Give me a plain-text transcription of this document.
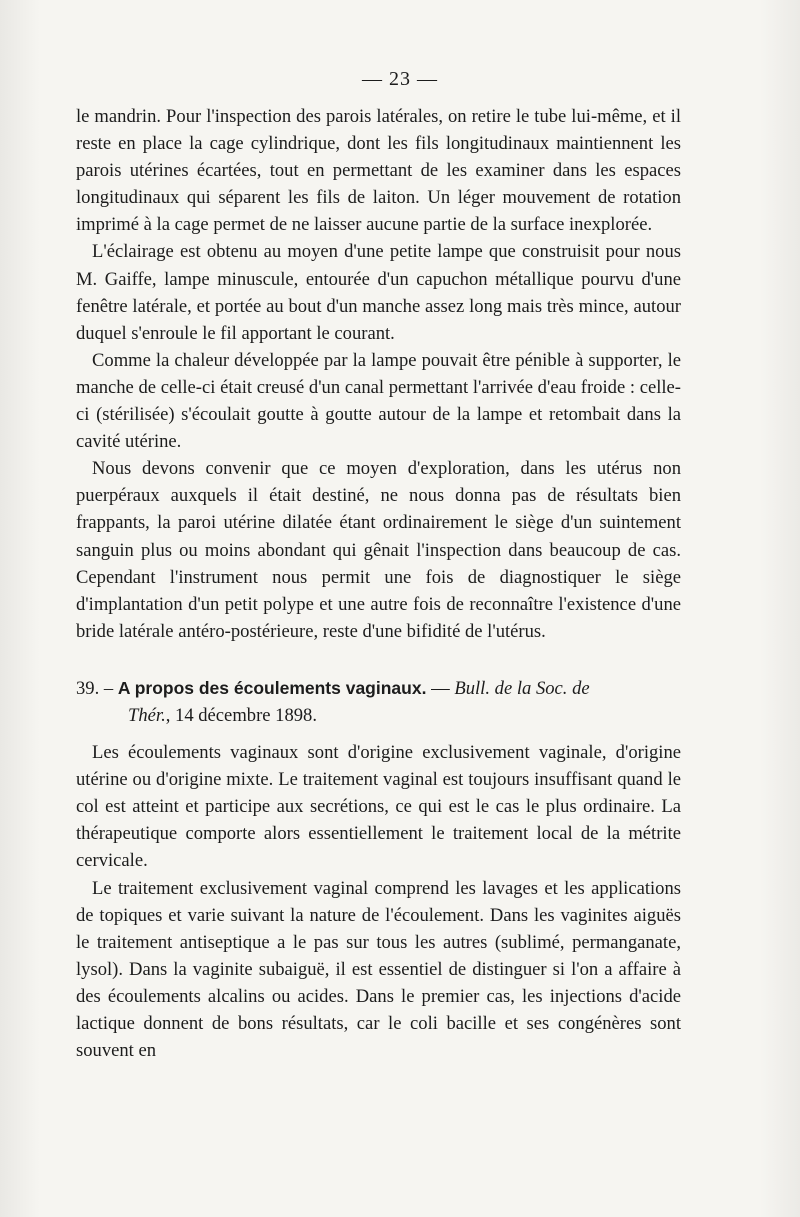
— 23 —

le mandrin. Pour l'inspection des parois latérales, on retire le tube lui-même, et il reste en place la cage cylindrique, dont les fils longitudinaux maintiennent les parois utérines écartées, tout en permettant de les examiner dans les espaces longitudinaux qui séparent les fils de laiton. Un léger mouvement de rotation imprimé à la cage permet de ne laisser aucune partie de la surface inexplorée.

L'éclairage est obtenu au moyen d'une petite lampe que construisit pour nous M. Gaiffe, lampe minuscule, entourée d'un capuchon métallique pourvu d'une fenêtre latérale, et portée au bout d'un manche assez long mais très mince, autour duquel s'enroule le fil apportant le courant.

Comme la chaleur développée par la lampe pouvait être pénible à supporter, le manche de celle-ci était creusé d'un canal permettant l'arrivée d'eau froide : celle-ci (stérilisée) s'écoulait goutte à goutte autour de la lampe et retombait dans la cavité utérine.

Nous devons convenir que ce moyen d'exploration, dans les utérus non puerpéraux auxquels il était destiné, ne nous donna pas de résultats bien frappants, la paroi utérine dilatée étant ordinairement le siège d'un suintement sanguin plus ou moins abondant qui gênait l'inspection dans beaucoup de cas. Cependant l'instrument nous permit une fois de diagnostiquer le siège d'implantation d'un petit polype et une autre fois de reconnaître l'existence d'une bride latérale antéro-postérieure, reste d'une bifidité de l'utérus.

39. – A propos des écoulements vaginaux. — Bull. de la Soc. de
Thér., 14 décembre 1898.

Les écoulements vaginaux sont d'origine exclusivement vaginale, d'origine utérine ou d'origine mixte. Le traitement vaginal est toujours insuffisant quand le col est atteint et participe aux secrétions, ce qui est le cas le plus ordinaire. La thérapeutique comporte alors essentiellement le traitement local de la métrite cervicale.

Le traitement exclusivement vaginal comprend les lavages et les applications de topiques et varie suivant la nature de l'écoulement. Dans les vaginites aiguës le traitement antiseptique a le pas sur tous les autres (sublimé, permanganate, lysol). Dans la vaginite subaiguë, il est essentiel de distinguer si l'on a affaire à des écoulements alcalins ou acides. Dans le premier cas, les injections d'acide lactique donnent de bons résultats, car le coli bacille et ses congénères sont souvent en
